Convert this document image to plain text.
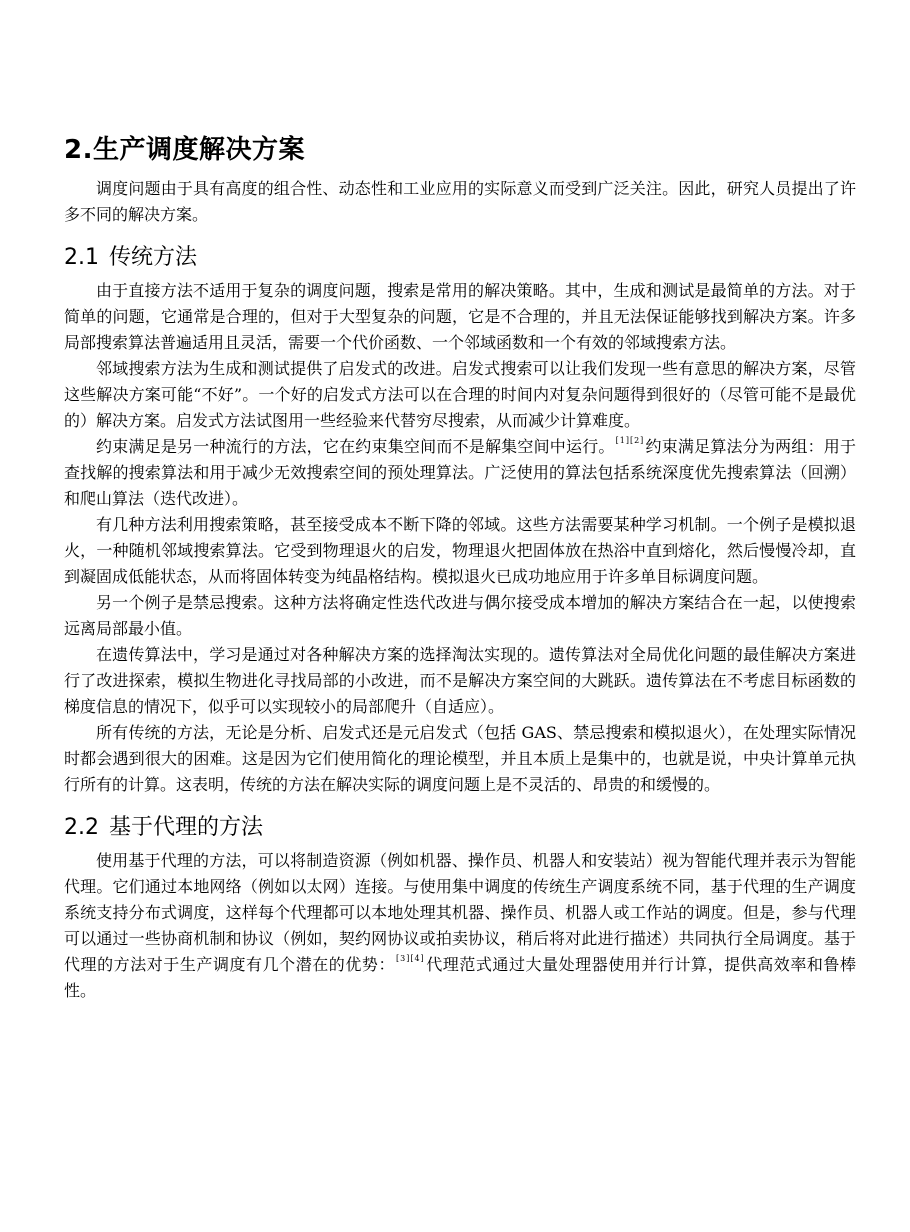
2.生产调度解决方案

调度问题由于具有高度的组合性、动态性和工业应用的实际意义而受到广泛关注。因此，研究人员提出了许多不同的解决方案。

2.1 传统方法

由于直接方法不适用于复杂的调度问题，搜索是常用的解决策略。其中，生成和测试是最简单的方法。对于简单的问题，它通常是合理的，但对于大型复杂的问题，它是不合理的，并且无法保证能够找到解决方案。许多局部搜索算法普遍适用且灵活，需要一个代价函数、一个邻域函数和一个有效的邻域搜索方法。

邻域搜索方法为生成和测试提供了启发式的改进。启发式搜索可以让我们发现一些有意思的解决方案，尽管这些解决方案可能“不好”。一个好的启发式方法可以在合理的时间内对复杂问题得到很好的（尽管可能不是最优的）解决方案。启发式方法试图用一些经验来代替穷尽搜索，从而减少计算难度。

约束满足是另一种流行的方法，它在约束集空间而不是解集空间中运行。[1][2]约束满足算法分为两组：用于查找解的搜索算法和用于减少无效搜索空间的预处理算法。广泛使用的算法包括系统深度优先搜索算法（回溯）和爬山算法（迭代改进）。

有几种方法利用搜索策略，甚至接受成本不断下降的邻域。这些方法需要某种学习机制。一个例子是模拟退火，一种随机邻域搜索算法。它受到物理退火的启发，物理退火把固体放在热浴中直到熔化，然后慢慢冷却，直到凝固成低能状态，从而将固体转变为纯晶格结构。模拟退火已成功地应用于许多单目标调度问题。

另一个例子是禁忌搜索。这种方法将确定性迭代改进与偶尔接受成本增加的解决方案结合在一起，以使搜索远离局部最小值。

在遗传算法中，学习是通过对各种解决方案的选择淘汰实现的。遗传算法对全局优化问题的最佳解决方案进行了改进探索，模拟生物进化寻找局部的小改进，而不是解决方案空间的大跳跃。遗传算法在不考虑目标函数的梯度信息的情况下，似乎可以实现较小的局部爬升（自适应）。

所有传统的方法，无论是分析、启发式还是元启发式（包括 GAS、禁忌搜索和模拟退火），在处理实际情况时都会遇到很大的困难。这是因为它们使用简化的理论模型，并且本质上是集中的，也就是说，中央计算单元执行所有的计算。这表明，传统的方法在解决实际的调度问题上是不灵活的、昂贵的和缓慢的。

2.2 基于代理的方法

使用基于代理的方法，可以将制造资源（例如机器、操作员、机器人和安装站）视为智能代理并表示为智能代理。它们通过本地网络（例如以太网）连接。与使用集中调度的传统生产调度系统不同，基于代理的生产调度系统支持分布式调度，这样每个代理都可以本地处理其机器、操作员、机器人或工作站的调度。但是，参与代理可以通过一些协商机制和协议（例如，契约网协议或拍卖协议，稍后将对此进行描述）共同执行全局调度。基于代理的方法对于生产调度有几个潜在的优势：[3][4]代理范式通过大量处理器使用并行计算，提供高效率和鲁棒性。
